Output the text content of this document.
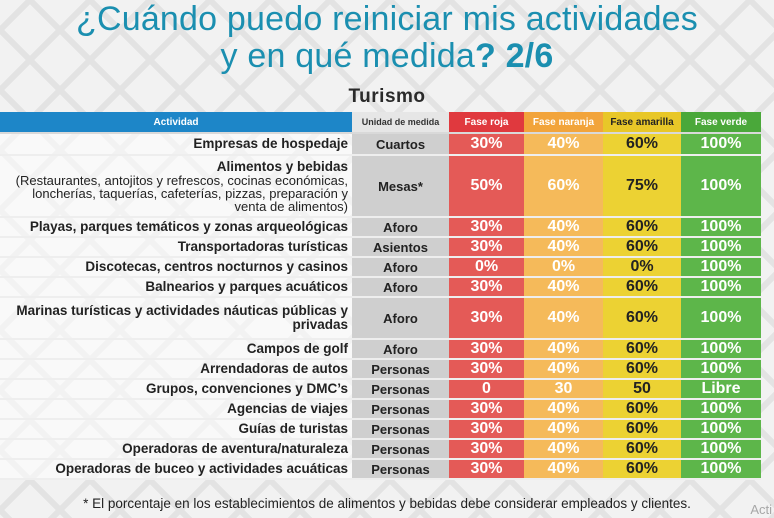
¿Cuándo puedo reiniciar mis actividades
y en qué medida? 2/6
Turismo
Actividad	Unidad de medida	Fase roja	Fase naranja	Fase amarilla	Fase verde

Empresas de hospedaje	Cuartos	30%	40%	60%	100%

Alimentos y bebidas
(Restaurantes, antojitos y refrescos, cocinas económicas, loncherías, taquerías, cafeterías, pizzas, preparación y venta de alimentos)	Mesas*	50%	60%	75%	100%

Playas, parques temáticos y zonas arqueológicas	Aforo	30%	40%	60%	100%

Transportadoras turísticas	Asientos	30%	40%	60%	100%

Discotecas, centros nocturnos y casinos	Aforo	0%	0%	0%	100%

Balnearios y parques acuáticos	Aforo	30%	40%	60%	100%

Marinas turísticas y actividades náuticas públicas y privadas	Aforo	30%	40%	60%	100%

Campos de golf	Aforo	30%	40%	60%	100%

Arrendadoras de autos	Personas	30%	40%	60%	100%

Grupos, convenciones y DMC’s	Personas	0	30	50	Libre

Agencias de viajes	Personas	30%	40%	60%	100%

Guías de turistas	Personas	30%	40%	60%	100%

Operadoras de aventura/naturaleza	Personas	30%	40%	60%	100%

Operadoras de buceo y actividades acuáticas	Personas	30%	40%	60%	100%
* El porcentaje en los establecimientos de alimentos y bebidas debe considerar empleados y clientes.	Acti
